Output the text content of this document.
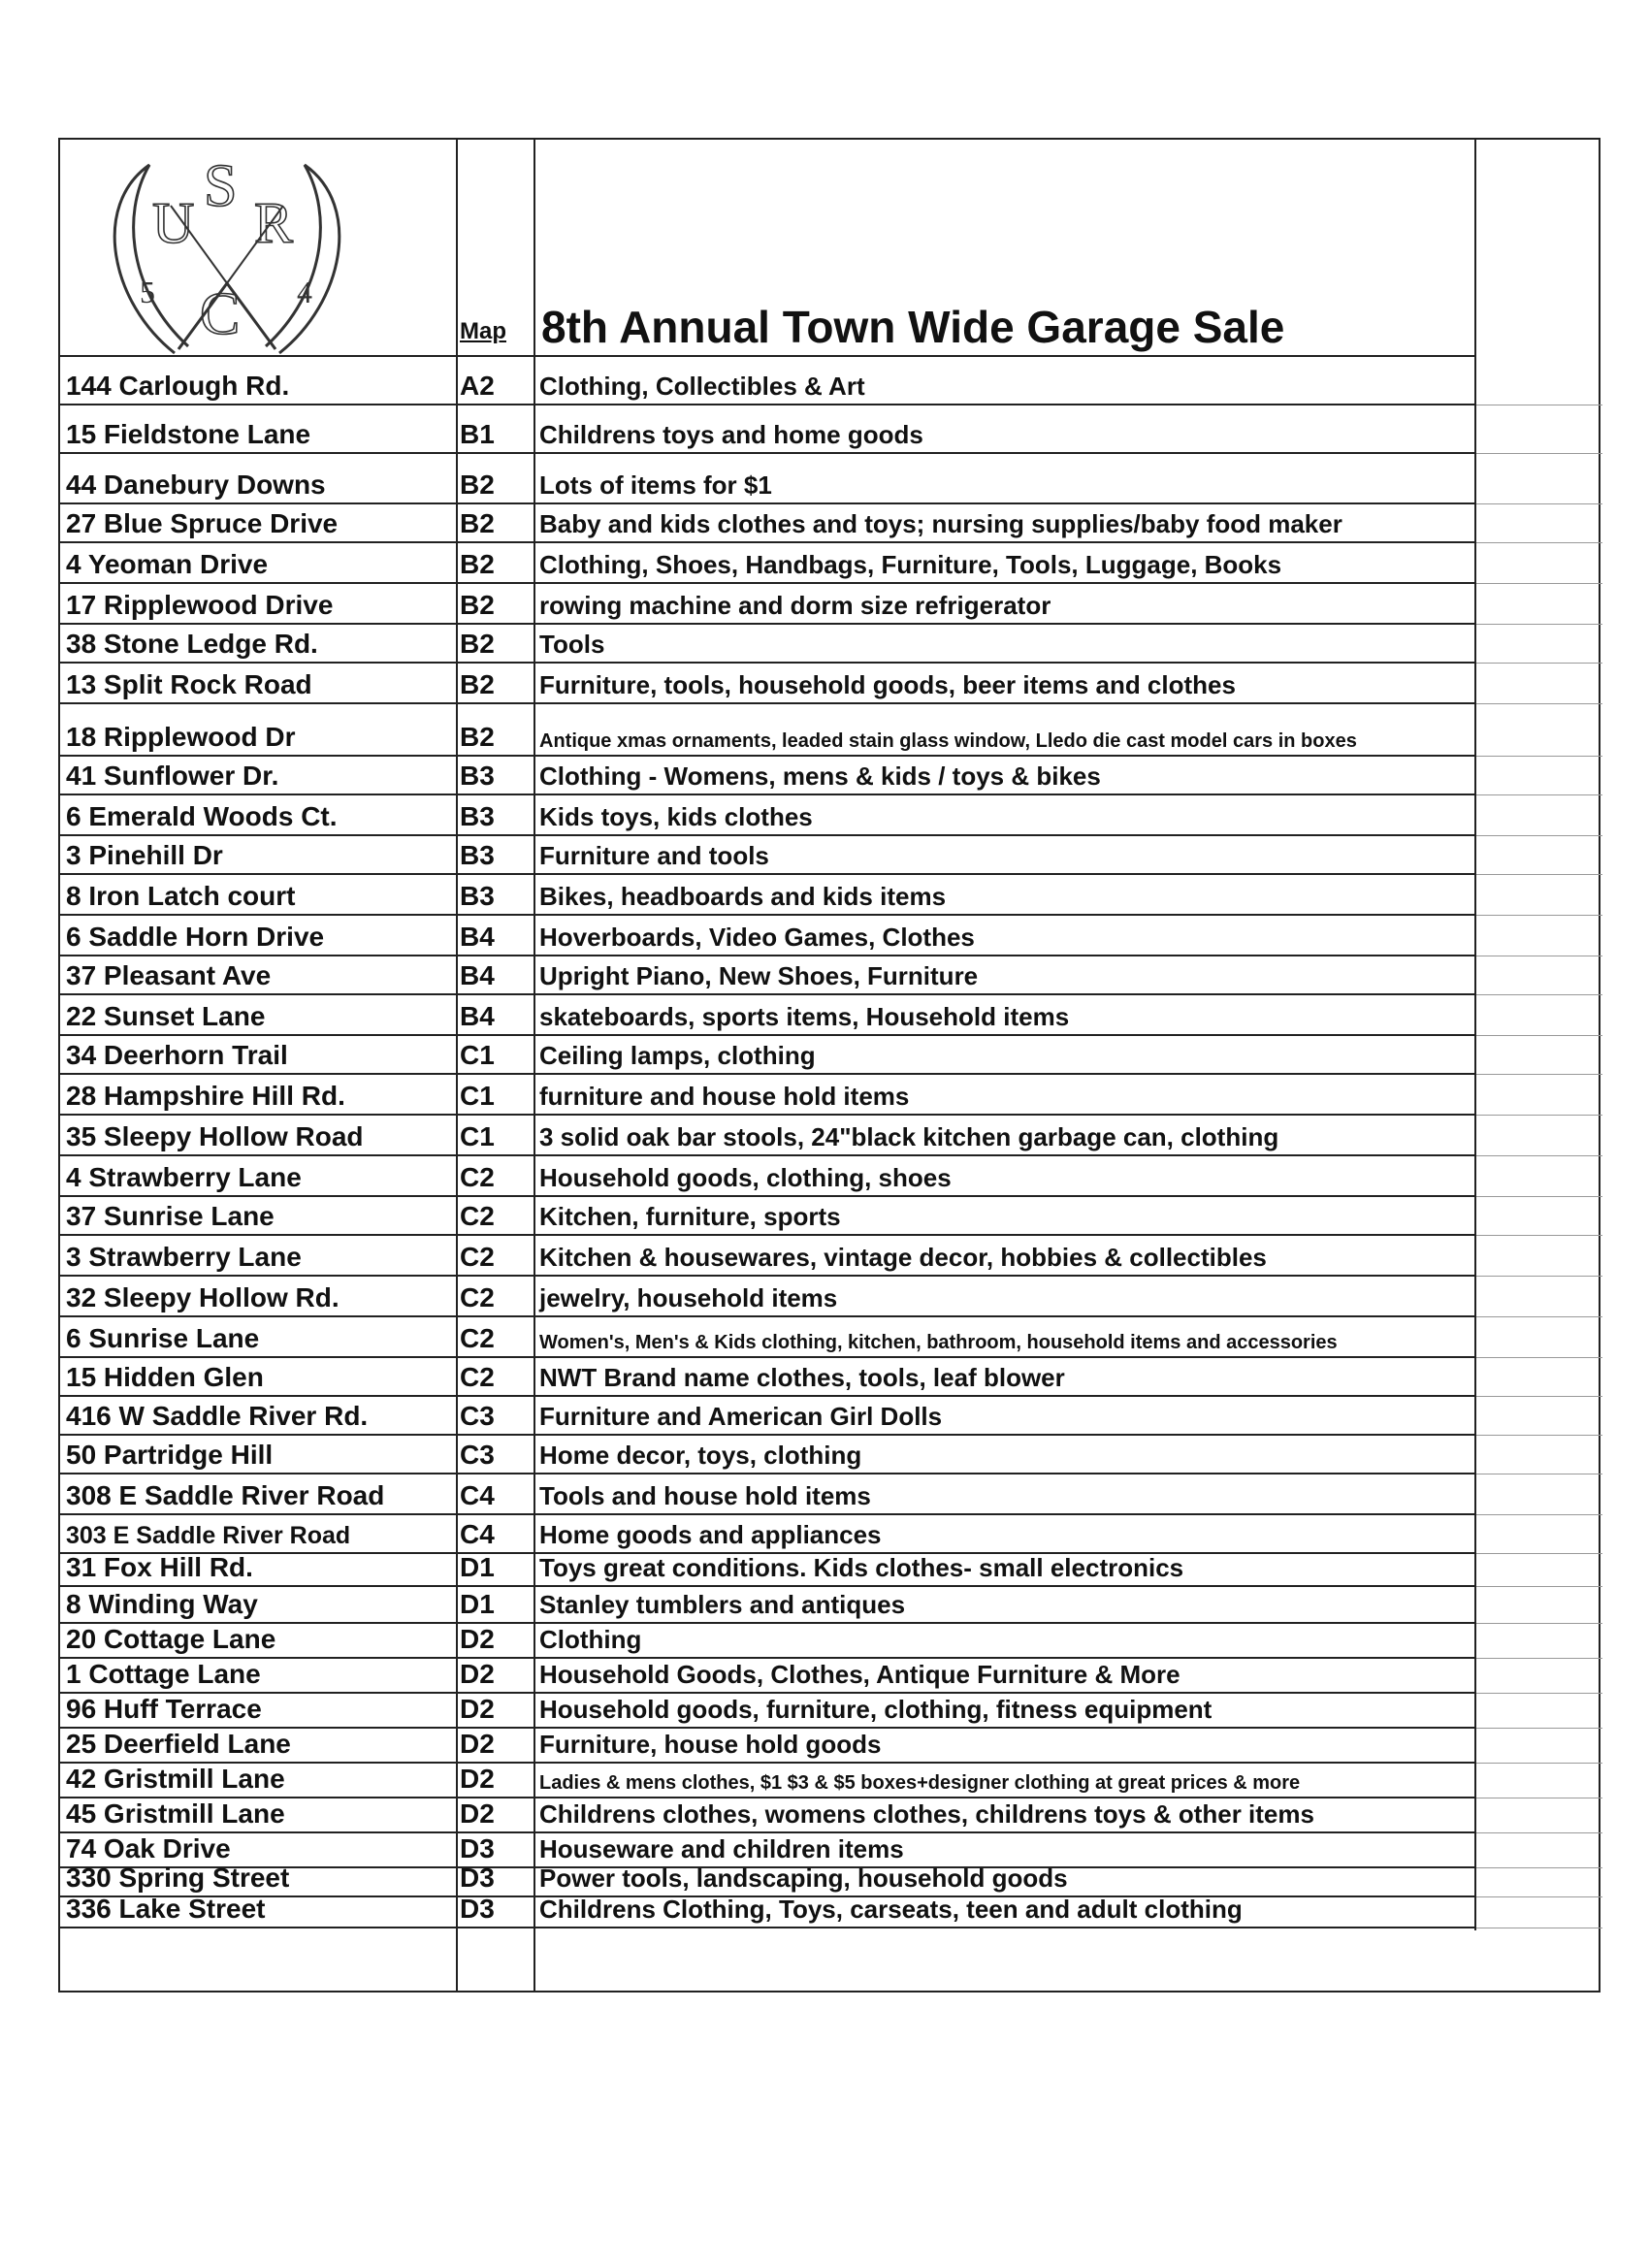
U
S
R
C
5	4
Map 8th Annual Town Wide Garage Sale
144 Carlough Rd.	A2 Clothing, Collectibles & Art
15 Fieldstone Lane	B1 Childrens toys and home goods
44 Danebury Downs	B2 Lots of items for $1
27 Blue Spruce Drive	B2 Baby and kids clothes and toys; nursing supplies/baby food maker
4 Yeoman Drive	B2 Clothing, Shoes, Handbags, Furniture, Tools, Luggage, Books
17 Ripplewood Drive	B2 rowing machine and dorm size refrigerator
38 Stone Ledge Rd.	B2 Tools
13 Split Rock Road	B2 Furniture, tools, household goods, beer items and clothes
18 Ripplewood Dr	B2 Antique xmas ornaments, leaded stain glass window, Lledo die cast model cars in boxes
41 Sunflower Dr.	B3 Clothing - Womens, mens & kids / toys & bikes
6 Emerald Woods Ct.	B3 Kids toys, kids clothes
3 Pinehill Dr	B3 Furniture and tools
8 Iron Latch court	B3 Bikes, headboards and kids items
6 Saddle Horn Drive	B4 Hoverboards, Video Games, Clothes
37 Pleasant Ave	B4 Upright Piano, New Shoes, Furniture
22 Sunset Lane	B4 skateboards, sports items, Household items
34 Deerhorn Trail	C1 Ceiling lamps, clothing
28 Hampshire Hill Rd.	C1 furniture and house hold items
35 Sleepy Hollow Road	C1 3 solid oak bar stools, 24"black kitchen garbage can, clothing
4 Strawberry Lane	C2 Household goods, clothing, shoes
37 Sunrise Lane	C2 Kitchen, furniture, sports
3 Strawberry Lane	C2 Kitchen & housewares, vintage decor, hobbies & collectibles
32 Sleepy Hollow Rd.	C2 jewelry, household items
6 Sunrise Lane	C2 Women's, Men's & Kids clothing, kitchen, bathroom, household items and accessories
15 Hidden Glen	C2 NWT Brand name clothes, tools, leaf blower
416 W Saddle River Rd.	C3 Furniture and American Girl Dolls
50 Partridge Hill	C3 Home decor, toys, clothing
308 E Saddle River Road	C4 Tools and house hold items
303 E Saddle River Road	C4 Home goods and appliances
31 Fox Hill Rd.	D1 Toys great conditions. Kids clothes- small electronics
8 Winding Way	D1 Stanley tumblers and antiques
20 Cottage Lane	D2 Clothing
1 Cottage Lane	D2 Household Goods, Clothes, Antique Furniture & More
96 Huff Terrace	D2 Household goods, furniture, clothing, fitness equipment
25 Deerfield Lane	D2 Furniture, house hold goods
42 Gristmill Lane	D2 Ladies & mens clothes, $1 $3 & $5 boxes+designer clothing at great prices & more
45 Gristmill Lane	D2 Childrens clothes, womens clothes, childrens toys & other items
74 Oak Drive	D3 Houseware and children items
330 Spring Street	D3 Power tools, landscaping, household goods
336 Lake Street	D3 Childrens Clothing, Toys, carseats, teen and adult clothing
